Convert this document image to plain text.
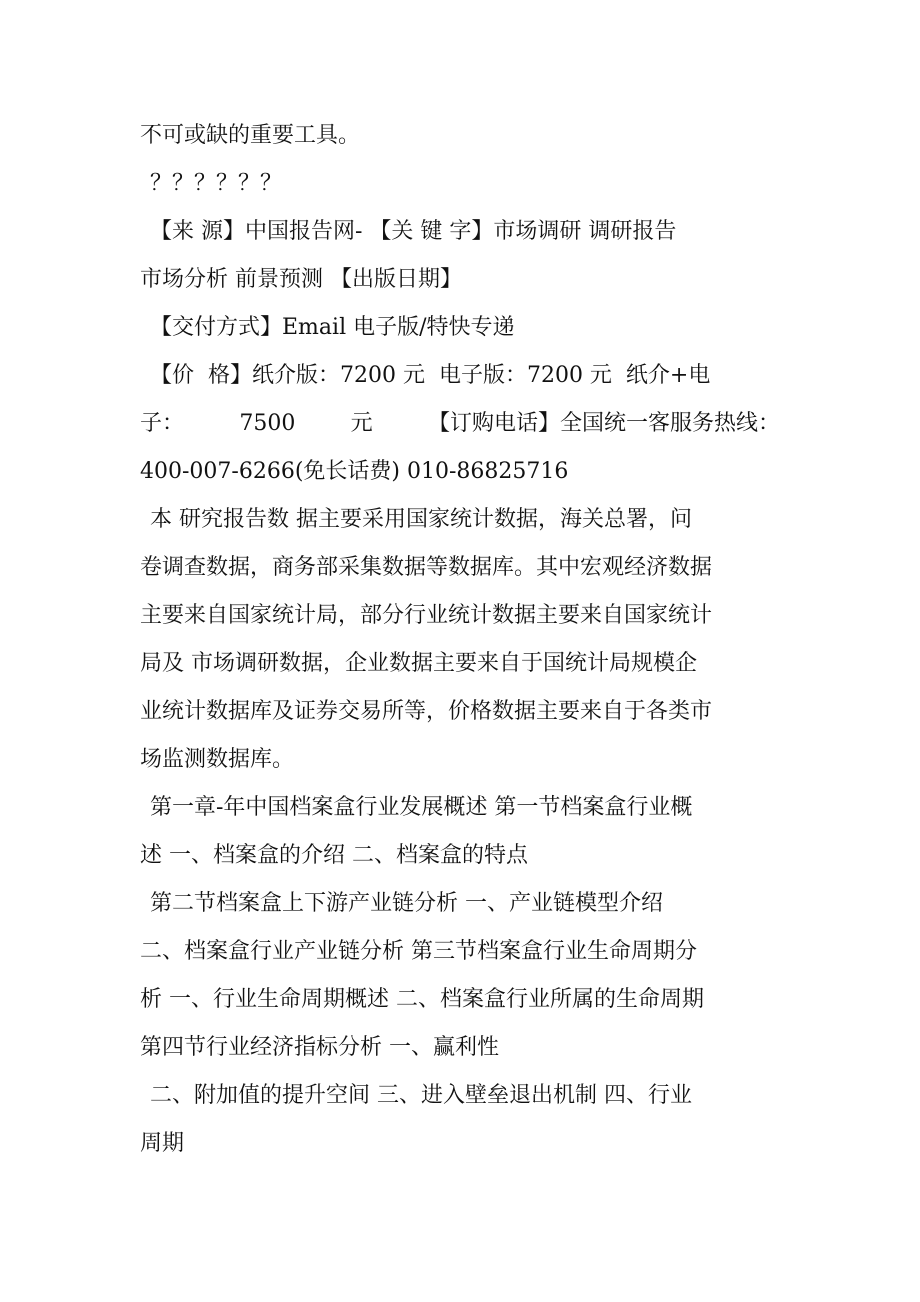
不可或缺的重要工具。

？？？？？？

【来 源】中国报告网- 【关 键 字】市场调研 调研报告

市场分析 前景预测 【出版日期】

【交付方式】Email 电子版/特快专递

【价  格】纸介版：7200 元  电子版：7200 元  纸介+电

子：	7500	元	【订购电话】全国统一客服务热线：

400-007-6266(免长话费) 010-86825716

本 研究报告数 据主要采用国家统计数据，海关总署，问

卷调查数据，商务部采集数据等数据库。其中宏观经济数据

主要来自国家统计局，部分行业统计数据主要来自国家统计

局及 市场调研数据，企业数据主要来自于国统计局规模企

业统计数据库及证券交易所等，价格数据主要来自于各类市

场监测数据库。

第一章-年中国档案盒行业发展概述 第一节档案盒行业概

述 一、档案盒的介绍 二、档案盒的特点

第二节档案盒上下游产业链分析 一、产业链模型介绍

二、档案盒行业产业链分析 第三节档案盒行业生命周期分

析 一、行业生命周期概述 二、档案盒行业所属的生命周期

第四节行业经济指标分析 一、赢利性

二、附加值的提升空间 三、进入壁垒退出机制 四、行业

周期
